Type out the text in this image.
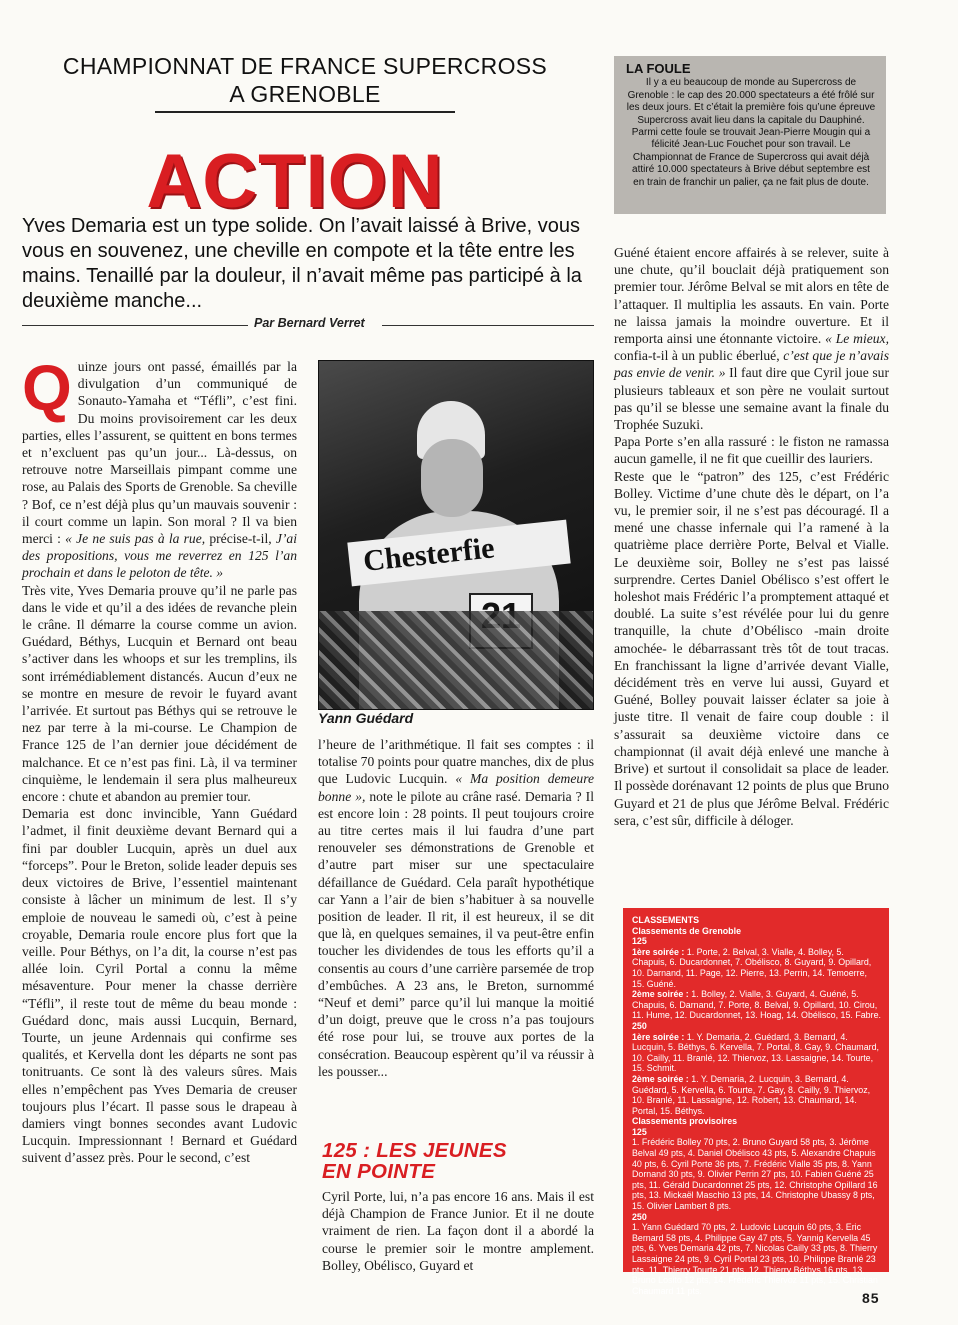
CHAMPIONNAT DE FRANCE SUPERCROSS
A GRENOBLE
ACTION
Yves Demaria est un type solide. On l’avait laissé à Brive, vous vous en souvenez, une cheville en compote et la tête entre les mains. Tenaillé par la douleur, il n’avait même pas participé à la deuxième manche...
Par Bernard Verret
Q uinze jours ont passé, émaillés par la divulgation d’un communiqué de Sonauto-Yamaha et “Téfli”, c’est fini. Du moins provisoirement car les deux parties, elles l’assurent, se quittent en bons termes et n’excluent pas qu’un jour... Là-dessus, on retrouve notre Marseillais pimpant comme une rose, au Palais des Sports de Grenoble. Sa cheville ? Bof, ce n’est déjà plus qu’un mauvais souvenir : il court comme un lapin. Son moral ? Il va bien merci : « Je ne suis pas à la rue, précise-t-il, J’ai des propositions, vous me reverrez en 125 l’an prochain et dans le peloton de tête. »

Très vite, Yves Demaria prouve qu’il ne parle pas dans le vide et qu’il a des idées de revanche plein le crâne. Il démarre la course comme un avion. Guédard, Béthys, Lucquin et Bernard ont beau s’activer dans les whoops et sur les tremplins, ils sont irrémédiablement distancés. Aucun d’eux ne se montre en mesure de revoir le fuyard avant l’arrivée. Et surtout pas Béthys qui se retrouve le nez par terre à la mi-course. Le Champion de France 125 de l’an dernier joue décidément de malchance. Et ce n’est pas fini. Là, il va terminer cinquième, le lendemain il sera plus malheureux encore : chute et abandon au premier tour.

Demaria est donc invincible, Yann Guédard l’admet, il finit deuxième devant Bernard qui a fini par doubler Lucquin, après un duel aux “forceps”. Pour le Breton, solide leader depuis ses deux victoires de Brive, l’essentiel maintenant consiste à lâcher un minimum de lest. Il s’y emploie de nouveau le samedi où, c’est à peine croyable, Demaria roule encore plus fort que la veille. Pour Béthys, on l’a dit, la course n’est pas allée loin. Cyril Portal a connu la même mésaventure. Pour mener la chasse derrière “Téfli”, il reste tout de même du beau monde : Guédard donc, mais aussi Lucquin, Bernard, Tourte, un jeune Ardennais qui confirme ses qualités, et Kervella dont les départs ne sont pas tonitruants. Ce sont là des valeurs sûres. Mais elles n’empêchent pas Yves Demaria de creuser toujours plus l’écart. Il passe sous le drapeau à damiers vingt bonnes secondes avant Ludovic Lucquin. Impressionnant ! Bernard et Guédard suivent d’assez près. Pour le second, c’est

Chesterfie
Yann Guédard

l’heure de l’arithmétique. Il fait ses comptes : il totalise 70 points pour quatre manches, dix de plus que Ludovic Lucquin. « Ma position demeure bonne », note le pilote au crâne rasé. Demaria ? Il est encore loin : 28 points. Il peut toujours croire au titre certes mais il lui faudra d’une part renouveler ses démonstrations de Grenoble et d’autre part miser sur une spectaculaire défaillance de Guédard. Cela paraît hypothétique car Yann a l’air de bien s’habituer à sa nouvelle position de leader. Il rit, il est heureux, il se dit que là, en quelques semaines, il va peut-être enfin toucher les dividendes de tous les efforts qu’il a consentis au cours d’une carrière parsemée de trop d’embûches. A 23 ans, le Breton, surnommé “Neuf et demi” parce qu’il lui manque la moitié d’un doigt, preuve que le cross n’a pas toujours été rose pour lui, se trouve aux portes de la consécration. Beaucoup espèrent qu’il va réussir à les pousser...

125 : LES JEUNES
EN POINTE

Cyril Porte, lui, n’a pas encore 16 ans. Mais il est déjà Champion de France Junior. Et il ne doute vraiment de rien. La façon dont il a abordé la course le premier soir le montre amplement. Bolley, Obélisco, Guyard et

LA FOULE
Il y a eu beaucoup de monde au Supercross de Grenoble : le cap des 20.000 spectateurs a été frôlé sur les deux jours. Et c’était la première fois qu’une épreuve Supercross avait lieu dans la capitale du Dauphiné. Parmi cette foule se trouvait Jean-Pierre Mougin qui a félicité Jean-Luc Fouchet pour son travail. Le Championnat de France de Supercross qui avait déjà attiré 10.000 spectateurs à Brive début septembre est en train de franchir un palier, ça ne fait plus de doute.

Guéné étaient encore affairés à se relever, suite à une chute, qu’il bouclait déjà pratiquement son premier tour. Jérôme Belval se mit alors en tête de l’attaquer. Il multiplia les assauts. En vain. Porte ne laissa jamais la moindre ouverture. Et il remporta ainsi une étonnante victoire. « Le mieux, confia-t-il à un public éberlué, c’est que je n’avais pas envie de venir. » Il faut dire que Cyril joue sur plusieurs tableaux et son père ne voulait surtout pas qu’il se blesse une semaine avant la finale du Trophée Suzuki.

Papa Porte s’en alla rassuré : le fiston ne ramassa aucun gamelle, il ne fit que cueillir des lauriers.

Reste que le “patron” des 125, c’est Frédéric Bolley. Victime d’une chute dès le départ, on l’a vu, le premier soir, il ne s’est pas découragé. Il a mené une chasse infernale qui l’a ramené à la quatrième place derrière Porte, Belval et Vialle. Le deuxième soir, Bolley ne s’est pas laissé surprendre. Certes Daniel Obélisco s’est offert le holeshot mais Frédéric l’a promptement attaqué et doublé. La suite s’est révélée pour lui du genre tranquille, la chute d’Obélisco -main droite amochée- le débarrassant très tôt de tout tracas. En franchissant la ligne d’arrivée devant Vialle, décidément très en verve lui aussi, Guyard et Guéné, Bolley pouvait laisser éclater sa joie à juste titre. Il venait de faire coup double : il s’assurait sa deuxième victoire dans ce championnat (il avait déjà enlevé une manche à Brive) et surtout il consolidait sa place de leader. Il possède dorénavant 12 points de plus que Bruno Guyard et 21 de plus que Jérôme Belval. Frédéric sera, c’est sûr, difficile à déloger.

CLASSEMENTS

Classements de Grenoble

125

1ère soirée : 1. Porte, 2. Belval, 3. Vialle, 4. Bolley, 5. Chapuis, 6. Ducardonnet, 7. Obélisco, 8. Guyard, 9. Opillard, 10. Darnand, 11. Page, 12. Pierre, 13. Perrin, 14. Temoerre, 15. Guéné.

2ème soirée : 1. Bolley, 2. Vialle, 3. Guyard, 4. Guéné, 5. Chapuis, 6. Darnand, 7. Porte, 8. Belval, 9. Opillard, 10. Cirou, 11. Hume, 12. Ducardonnet, 13. Hoag, 14. Obélisco, 15. Fabre.

250

1ère soirée : 1. Y. Demaria, 2. Guédard, 3. Bernard, 4. Lucquin, 5. Béthys, 6. Kervella, 7. Portal, 8. Gay, 9. Chaumard, 10. Cailly, 11. Branlé, 12. Thiervoz, 13. Lassaigne, 14. Tourte, 15. Schmit.

2ème soirée : 1. Y. Demaria, 2. Lucquin, 3. Bernard, 4. Guédard, 5. Kervella, 6. Tourte, 7. Gay, 8. Cailly, 9. Thiervoz, 10. Branlé, 11. Lassaigne, 12. Robert, 13. Chaumard, 14. Portal, 15. Béthys.

Classements provisoires

125

1. Frédéric Bolley 70 pts, 2. Bruno Guyard 58 pts, 3. Jérôme Belval 49 pts, 4. Daniel Obélisco 43 pts, 5. Alexandre Chapuis 40 pts, 6. Cyril Porte 36 pts, 7. Frédéric Vialle 35 pts, 8. Yann Dornand 30 pts, 9. Olivier Perrin 27 pts, 10. Fabien Guéné 25 pts, 11. Gérald Ducardonnet 25 pts, 12. Christophe Opillard 16 pts, 13. Mickaël Maschio 13 pts, 14. Christophe Ubassy 8 pts, 15. Olivier Lambert 8 pts.

250

1. Yann Guédard 70 pts, 2. Ludovic Lucquin 60 pts, 3. Eric Bernard 58 pts, 4. Philippe Gay 47 pts, 5. Yannig Kervella 45 pts, 6. Yves Demaria 42 pts, 7. Nicolas Cailly 33 pts, 8. Thierry Lassaigne 24 pts, 9. Cyril Portal 23 pts, 10. Philippe Branlé 23 pts, 11. Thierry Tourte 21 pts, 12. Thierry Béthys 16 pts, 13. Bruno Losito 12 pts, 14. Frédéric Thiervoz 11 pts, 15. Christian Chaumard 11 pts.	85
